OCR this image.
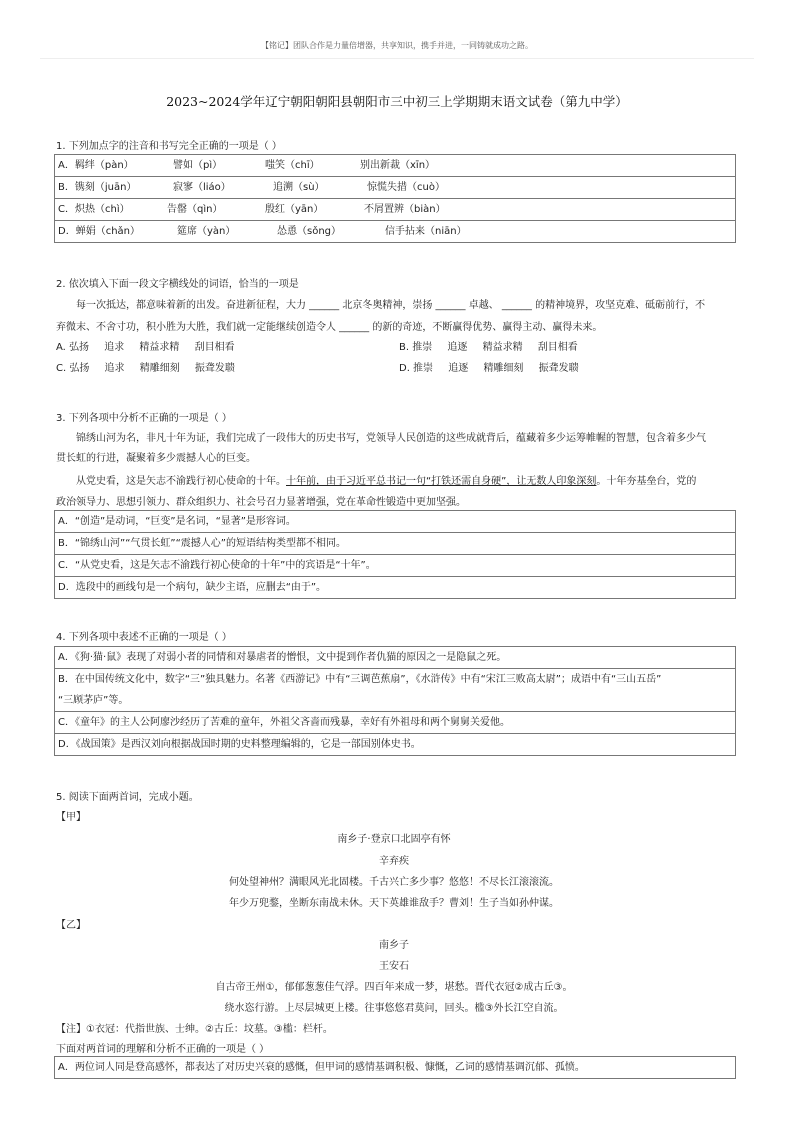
【铭记】团队合作是力量倍增器，共享知识，携手并进，一同铸就成功之路。
2023~2024学年辽宁朝阳朝阳县朝阳市三中初三上学期期末语文试卷（第九中学）
1. 下列加点字的注音和书写完全正确的一项是（ ）
A．羁绊（pàn）	譬如（pì）	嗤笑（chī）	别出新裁（xīn）
B．镌刻（juān）	寂寥（liáo）	追溯（sù）	惊慌失措（cuò）
C．炽热（chì）	告罄（qìn）	殷红（yān）	不屑置辨（biàn）
D．蝉娟（chǎn）	筵席（yàn）	怂恿（sǒng）	信手拈来（niān）
2. 依次填入下面一段文字横线处的词语，恰当的一项是
每一次抵达，都意味着新的出发。奋进新征程，大力 ______ 北京冬奥精神，崇扬 ______ 卓越、 ______ 的精神境界，攻坚克难、砥砺前行，不
弃微末、不舍寸功，积小胜为大胜，我们就一定能继续创造令人 ______ 的新的奇迹，不断赢得优势、赢得主动、赢得未来。
A. 弘扬 追求 精益求精 刮目相看	B. 推崇 追逐 精益求精 刮目相看
C. 弘扬 追求 精雕细刻 振聋发聩	D. 推崇 追逐 精雕细刻 振聋发聩
3. 下列各项中分析不正确的一项是（ ）
锦绣山河为名，非凡十年为证，我们完成了一段伟大的历史书写，党领导人民创造的这些成就背后，蕴藏着多少运筹帷幄的智慧，包含着多少气
贯长虹的行进，凝聚着多少震撼人心的巨变。
从党史看，这是矢志不渝践行初心使命的十年。十年前，由于习近平总书记一句“打铁还需自身硬”，让无数人印象深刻。十年夯基垒台，党的
政治领导力、思想引领力、群众组织力、社会号召力显著增强，党在革命性锻造中更加坚强。
A．“创造”是动词，“巨变”是名词，“显著”是形容词。
B．“锦绣山河”“气贯长虹”“震撼人心”的短语结构类型都不相同。
C．“从党史看，这是矢志不渝践行初心使命的十年”中的宾语是“十年”。
D．选段中的画线句是一个病句，缺少主语，应删去“由于”。
4. 下列各项中表述不正确的一项是（ ）
A．《狗·猫·鼠》表现了对弱小者的同情和对暴虐者的憎恨，文中提到作者仇猫的原因之一是隐鼠之死。
B．在中国传统文化中，数字“三”独具魅力。名著《西游记》中有“三调芭蕉扇”，《水浒传》中有“宋江三败高太尉”；成语中有“三山五岳”
“三顾茅庐”等。
C．《童年》的主人公阿廖沙经历了苦难的童年，外祖父吝啬而残暴，幸好有外祖母和两个舅舅关爱他。
D．《战国策》是西汉刘向根据战国时期的史料整理编辑的，它是一部国别体史书。
5. 阅读下面两首词，完成小题。
【甲】
南乡子·登京口北固亭有怀
辛弃疾
何处望神州？满眼风光北固楼。千古兴亡多少事？悠悠！不尽长江滚滚流。
年少万兜鍪，坐断东南战未休。天下英雄谁敌手？曹刘！生子当如孙仲谋。
【乙】
南乡子
王安石
自古帝王州①，郁郁葱葱佳气浮。四百年来成一梦，堪愁。晋代衣冠②成古丘③。
绕水恣行游。上尽层城更上楼。往事悠悠君莫问，回头。槛③外长江空自流。
【注】①衣冠：代指世族、士绅。②古丘：坟墓。③槛：栏杆。
下面对两首词的理解和分析不正确的一项是（ ）
A．两位词人同是登高感怀，都表达了对历史兴衰的感慨，但甲词的感情基调积极、慷慨，乙词的感情基调沉郁、孤愤。
